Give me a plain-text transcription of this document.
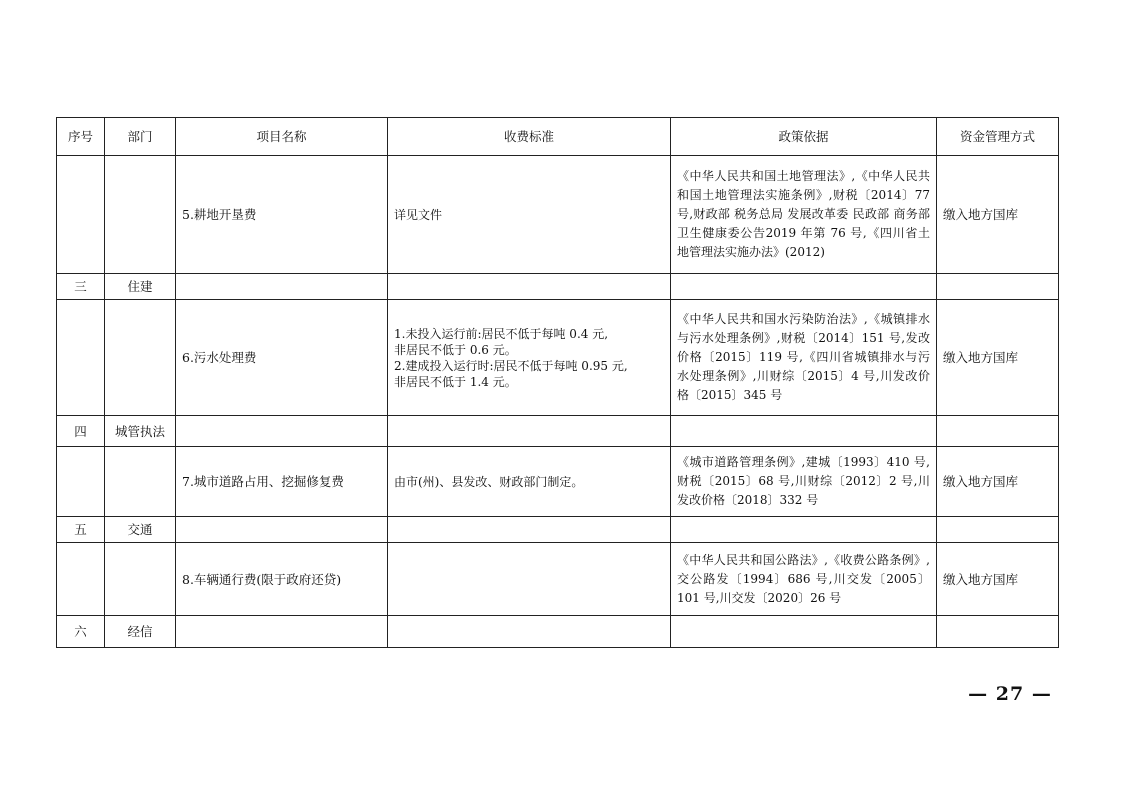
序号	部门	项目名称	收费标准	政策依据	资金管理方式
		5.耕地开垦费	详见文件	《中华人民共和国土地管理法》,《中华人民共和国土地管理法实施条例》,财税〔2014〕77 号,财政部 税务总局 发展改革委 民政部 商务部 卫生健康委公告2019 年第 76 号,《四川省土地管理法实施办法》(2012)	缴入地方国库
三	住建				
		6.污水处理费	1.未投入运行前:居民不低于每吨 0.4 元,
非居民不低于 0.6 元。
2.建成投入运行时:居民不低于每吨 0.95 元,
非居民不低于 1.4 元。	《中华人民共和国水污染防治法》,《城镇排水与污水处理条例》,财税〔2014〕151 号,发改价格〔2015〕119 号,《四川省城镇排水与污水处理条例》,川财综〔2015〕4 号,川发改价格〔2015〕345 号	缴入地方国库
四	城管执法				
		7.城市道路占用、挖掘修复费	由市(州)、县发改、财政部门制定。	《城市道路管理条例》,建城〔1993〕410 号,财税〔2015〕68 号,川财综〔2012〕2 号,川发改价格〔2018〕332 号	缴入地方国库
五	交通				
		8.车辆通行费(限于政府还贷)		《中华人民共和国公路法》,《收费公路条例》,交公路发〔1994〕686 号,川交发〔2005〕101 号,川交发〔2020〕26 号	缴入地方国库
六	经信				
— 27 —
